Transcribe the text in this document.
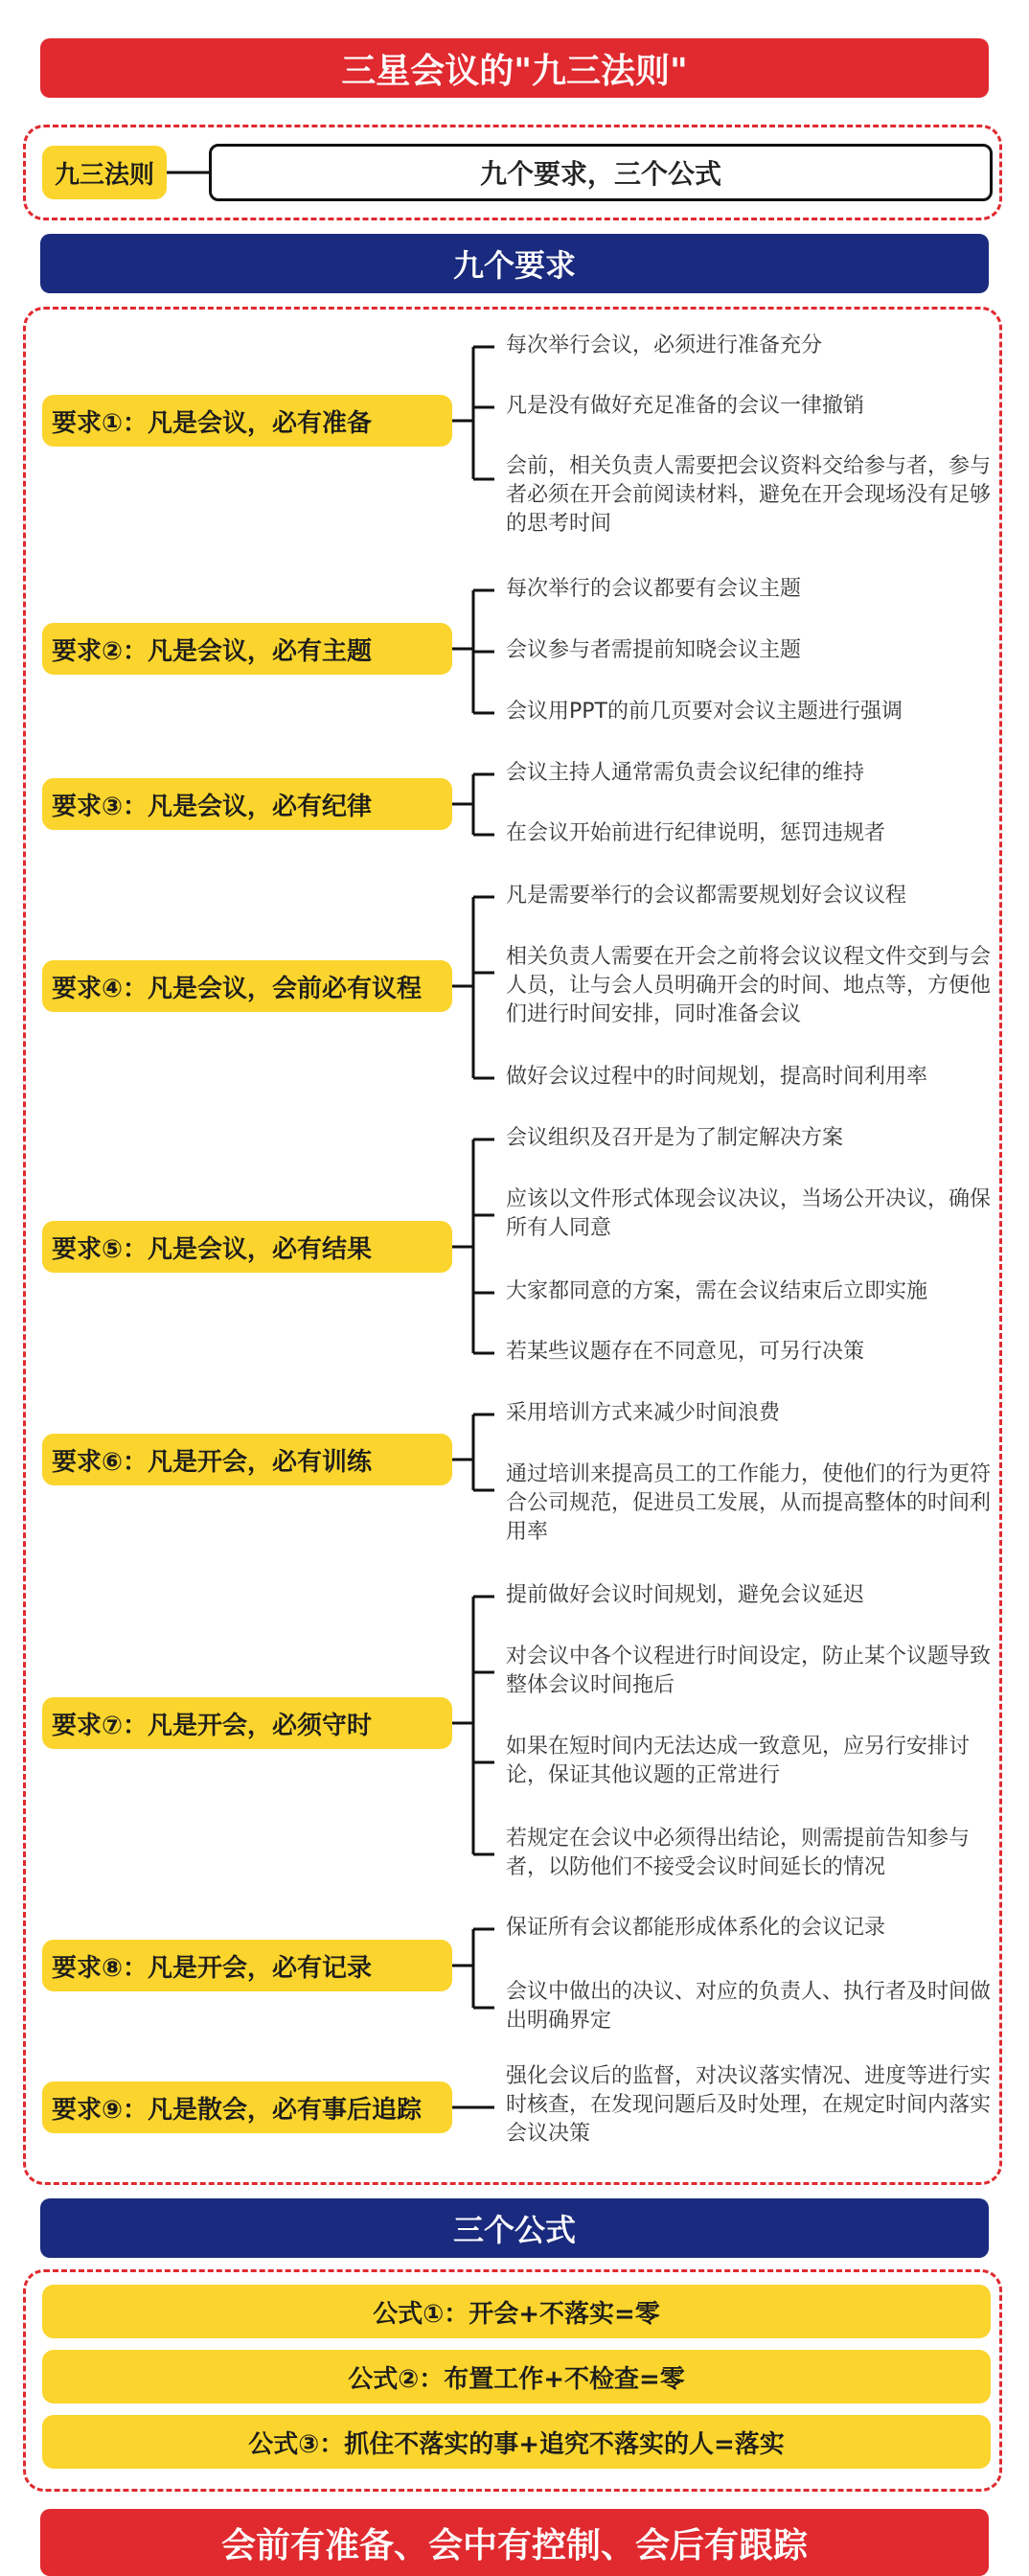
三星会议的"九三法则"
九三法则	九个要求，三个公式
九个要求
要求①：凡是会议，必有准备
每次举行会议，必须进行准备充分
凡是没有做好充足准备的会议一律撤销
会前，相关负责人需要把会议资料交给参与者，参与者必须在开会前阅读材料，避免在开会现场没有足够的思考时间
要求②：凡是会议，必有主题
每次举行的会议都要有会议主题
会议参与者需提前知晓会议主题
会议用PPT的前几页要对会议主题进行强调
要求③：凡是会议，必有纪律
会议主持人通常需负责会议纪律的维持
在会议开始前进行纪律说明，惩罚违规者
要求④：凡是会议，会前必有议程
凡是需要举行的会议都需要规划好会议议程
相关负责人需要在开会之前将会议议程文件交到与会人员，让与会人员明确开会的时间、地点等，方便他们进行时间安排，同时准备会议
做好会议过程中的时间规划，提高时间利用率
要求⑤：凡是会议，必有结果
会议组织及召开是为了制定解决方案
应该以文件形式体现会议决议，当场公开决议，确保所有人同意
大家都同意的方案，需在会议结束后立即实施
若某些议题存在不同意见，可另行决策
要求⑥：凡是开会，必有训练
采用培训方式来减少时间浪费
通过培训来提高员工的工作能力，使他们的行为更符合公司规范，促进员工发展，从而提高整体的时间利用率
要求⑦：凡是开会，必须守时
提前做好会议时间规划，避免会议延迟
对会议中各个议程进行时间设定，防止某个议题导致整体会议时间拖后
如果在短时间内无法达成一致意见，应另行安排讨论，保证其他议题的正常进行
若规定在会议中必须得出结论，则需提前告知参与者，以防他们不接受会议时间延长的情况
要求⑧：凡是开会，必有记录
保证所有会议都能形成体系化的会议记录
会议中做出的决议、对应的负责人、执行者及时间做出明确界定
要求⑨：凡是散会，必有事后追踪
强化会议后的监督，对决议落实情况、进度等进行实时核查，在发现问题后及时处理，在规定时间内落实会议决策
三个公式
公式①：开会+不落实=零
公式②：布置工作+不检查=零
公式③：抓住不落实的事+追究不落实的人=落实
会前有准备、会中有控制、会后有跟踪
